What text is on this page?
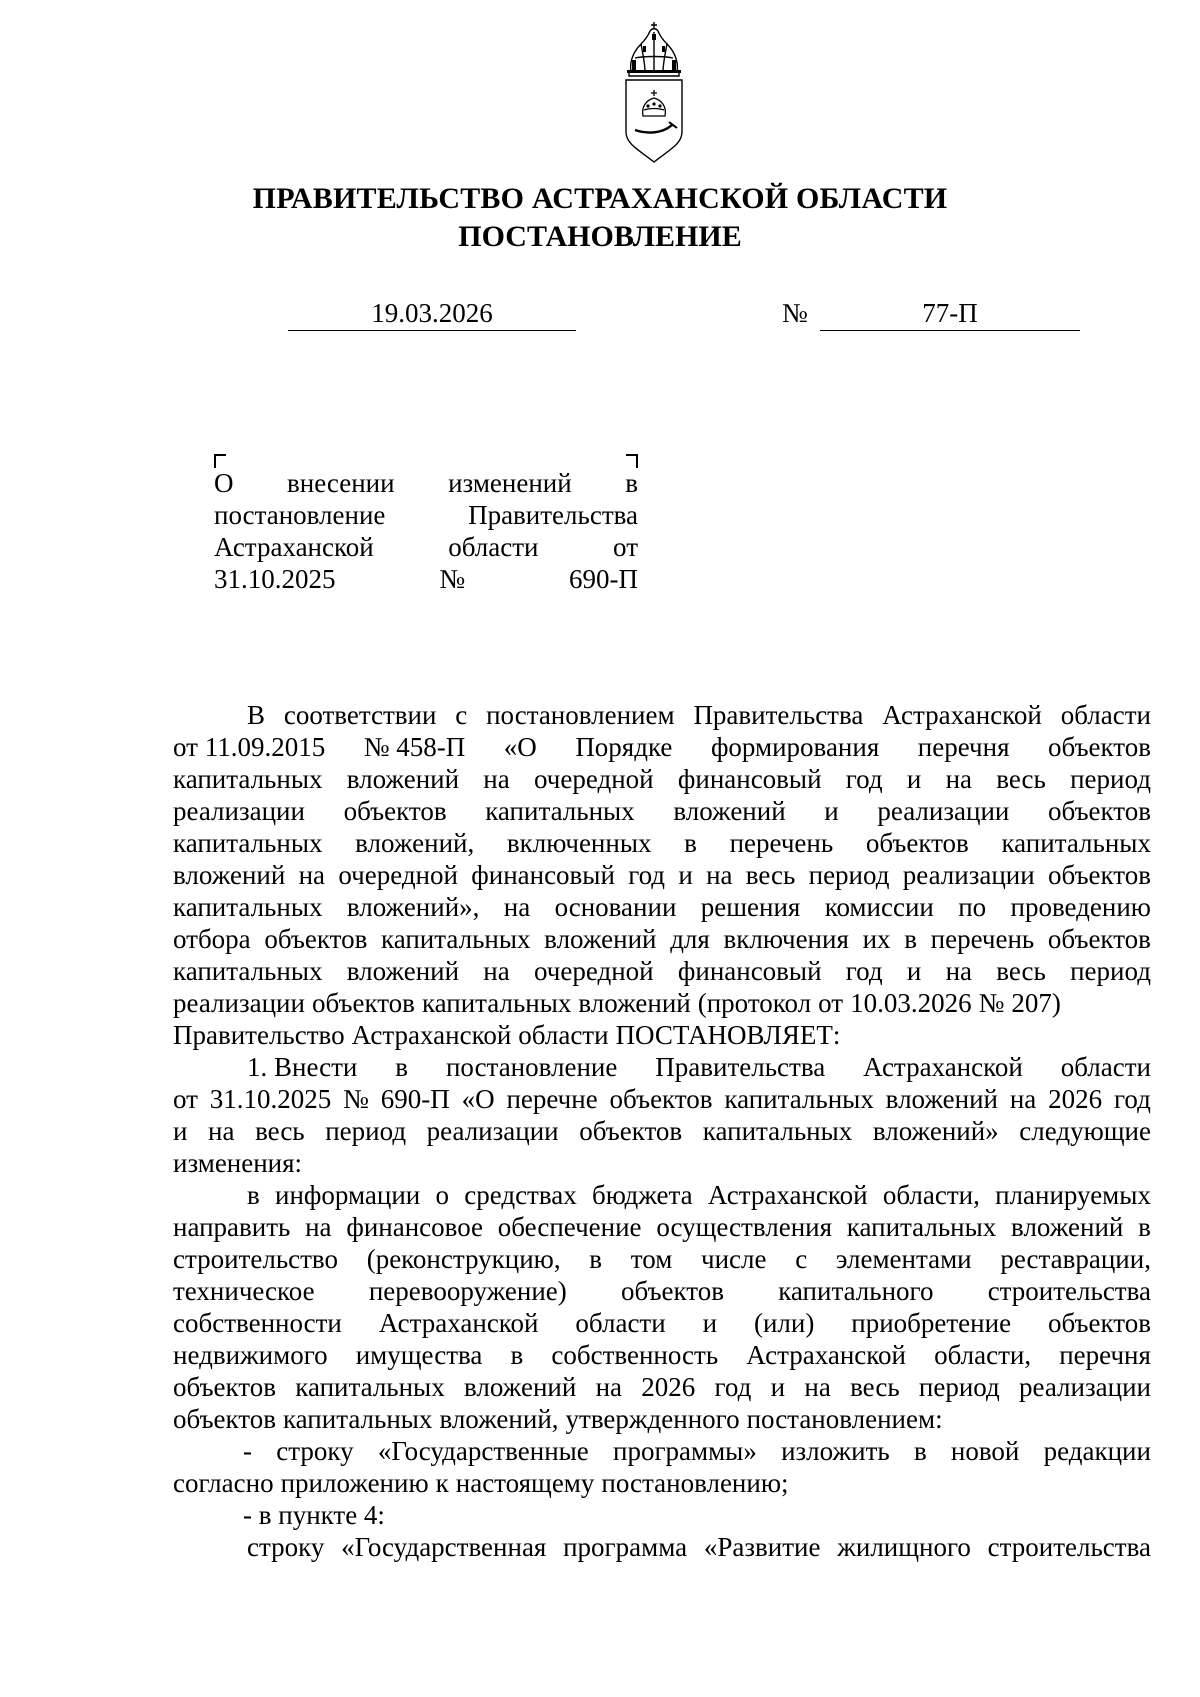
ПРАВИТЕЛЬСТВО АСТРАХАНСКОЙ ОБЛАСТИ
ПОСТАНОВЛЕНИЕ
19.03.2026	№	77-П
О внесении изменений в
постановление	Правительства
Астраханской	области	от
31.10.2025	№	690-П
В соответствии с постановлением Правительства Астраханской области
от 11.09.2015 № 458-П «О Порядке формирования перечня объектов
капитальных вложений на очередной финансовый год и на весь период
реализации объектов капитальных вложений и реализации объектов
капитальных вложений, включенных в перечень объектов капитальных
вложений на очередной финансовый год и на весь период реализации объектов
капитальных вложений», на основании решения комиссии по проведению
отбора объектов капитальных вложений для включения их в перечень объектов
капитальных вложений на очередной финансовый год и на весь период
реализации объектов капитальных вложений (протокол от 10.03.2026 № 207)
Правительство Астраханской области ПОСТАНОВЛЯЕТ:
1. Внести в постановление Правительства Астраханской области
от 31.10.2025 № 690-П «О перечне объектов капитальных вложений на 2026 год
и на весь период реализации объектов капитальных вложений» следующие
изменения:
в информации о средствах бюджета Астраханской области, планируемых
направить на финансовое обеспечение осуществления капитальных вложений в
строительство (реконструкцию, в том числе с элементами реставрации,
техническое перевооружение) объектов капитального строительства
собственности Астраханской области и (или) приобретение объектов
недвижимого имущества в собственность Астраханской области, перечня
объектов капитальных вложений на 2026 год и на весь период реализации
объектов капитальных вложений, утвержденного постановлением:
- строку «Государственные программы» изложить в новой редакции
согласно приложению к настоящему постановлению;
- в пункте 4:
строку «Государственная программа «Развитие жилищного строительства
